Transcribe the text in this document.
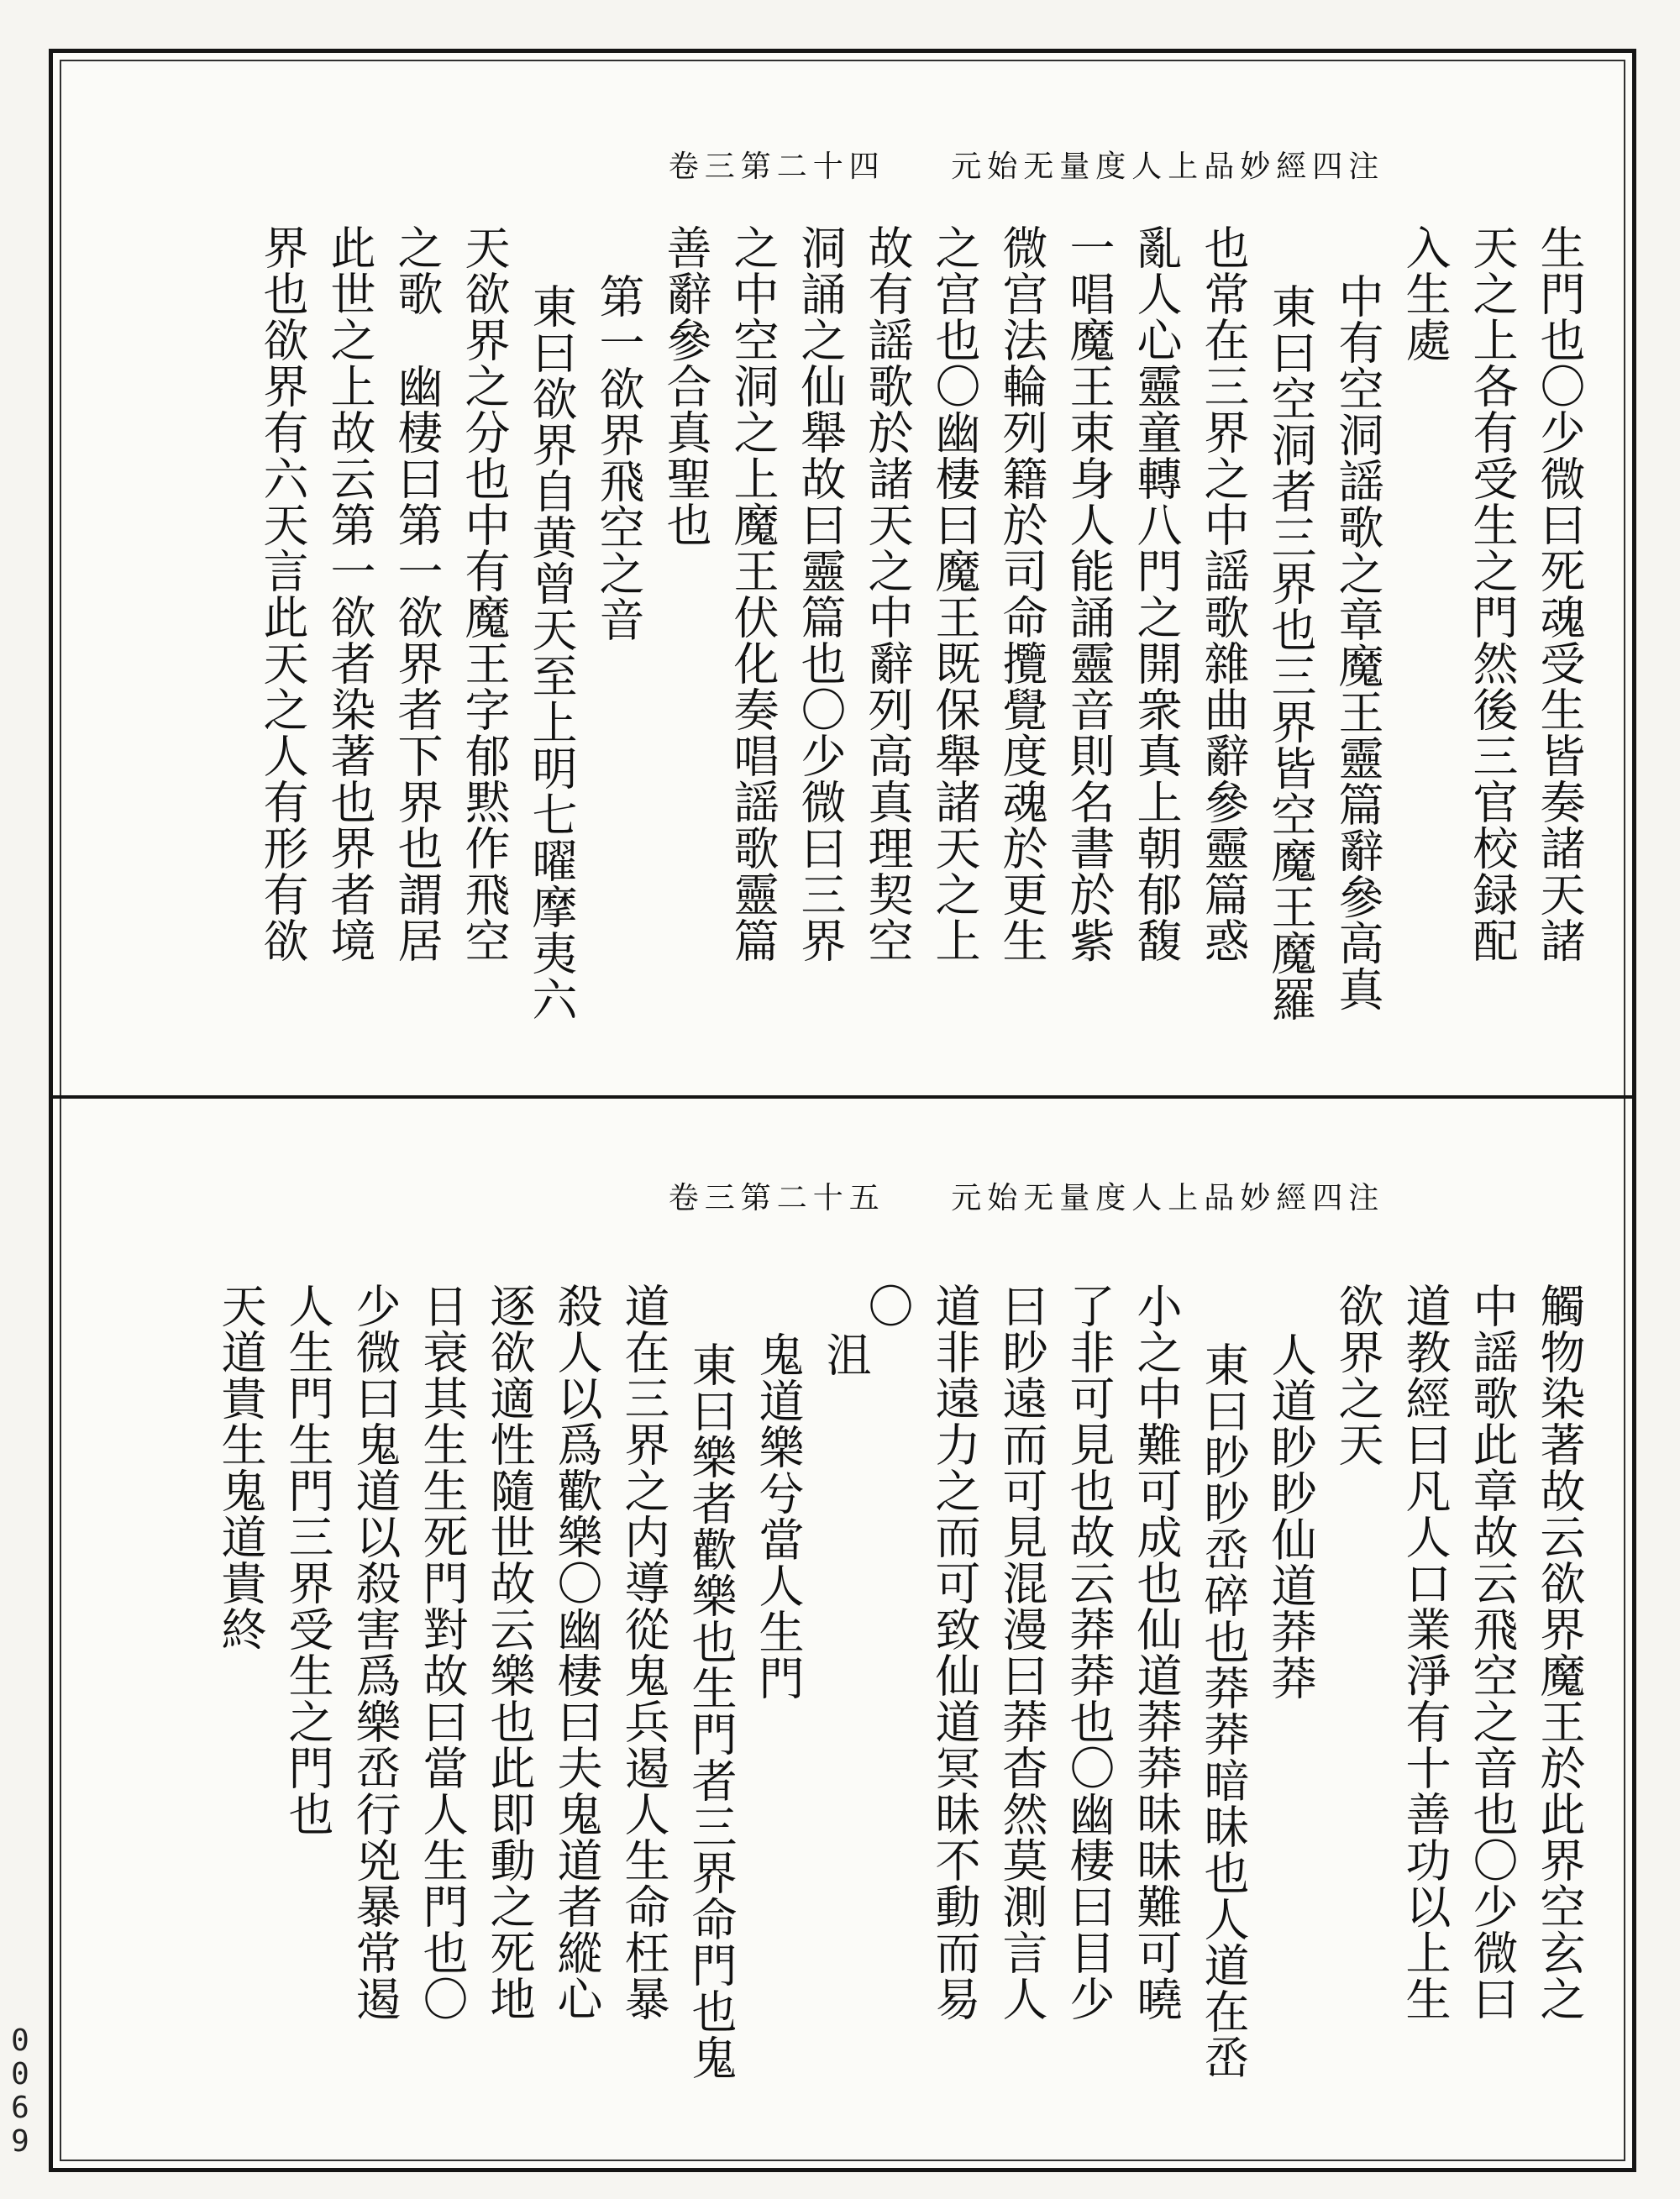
卷三第二十四 元始无量度人上品妙經四注
生門也〇少微曰死魂受生皆奏諸天諸
天之上各有受生之門然後三官校録配
入生處
中有空洞謡歌之章魔王靈篇辭參高真
東曰空洞者三界也三界皆空魔王魔羅
也常在三界之中謡歌雜曲辭參靈篇惑
亂人心靈童轉八門之開衆真上朝郁馥
一唱魔王束身人能誦靈音則名書於紫
微宫法輪列籍於司命攬覺度魂於更生
之宫也〇幽棲曰魔王既保舉諸天之上
故有謡歌於諸天之中辭列高真理契空
洞誦之仙舉故曰靈篇也〇少微曰三界
之中空洞之上魔王伏化奏唱謡歌靈篇
善辭參合真聖也
第一欲界飛空之音
東曰欲界自黄曾天至上明七曜摩夷六
天欲界之分也中有魔王字郁黙作飛空
之歌　幽棲曰第一欲界者下界也謂居
此世之上故云第一欲者染著也界者境
界也欲界有六天言此天之人有形有欲
卷三第二十五 元始无量度人上品妙經四注
觸物染著故云欲界魔王於此界空玄之
中謡歌此章故云飛空之音也〇少微曰
道教經曰凡人口業淨有十善功以上生
欲界之天
人道眇眇仙道莽莽
東曰眇眇㞼碎也莽莽暗昧也人道在㞼
小之中難可成也仙道莽莽昧昧難可曉
了非可見也故云莽莽也〇幽棲曰目少
曰眇遠而可見混漫曰莽杳然莫測言人
道非遠力之而可致仙道冥昧不動而易
〇
沮
鬼道樂兮當人生門
東曰樂者歡樂也生門者三界命門也鬼
道在三界之内導從鬼兵遏人生命枉暴
殺人以爲歡樂〇幽棲曰夫鬼道者縱心
逐欲適性隨世故云樂也此即動之死地
日衰其生生死門對故曰當人生門也〇
少微曰鬼道以殺害爲樂㞼行兇暴常遏
人生門生門三界受生之門也
天道貴生鬼道貴終
0
0
6
9
